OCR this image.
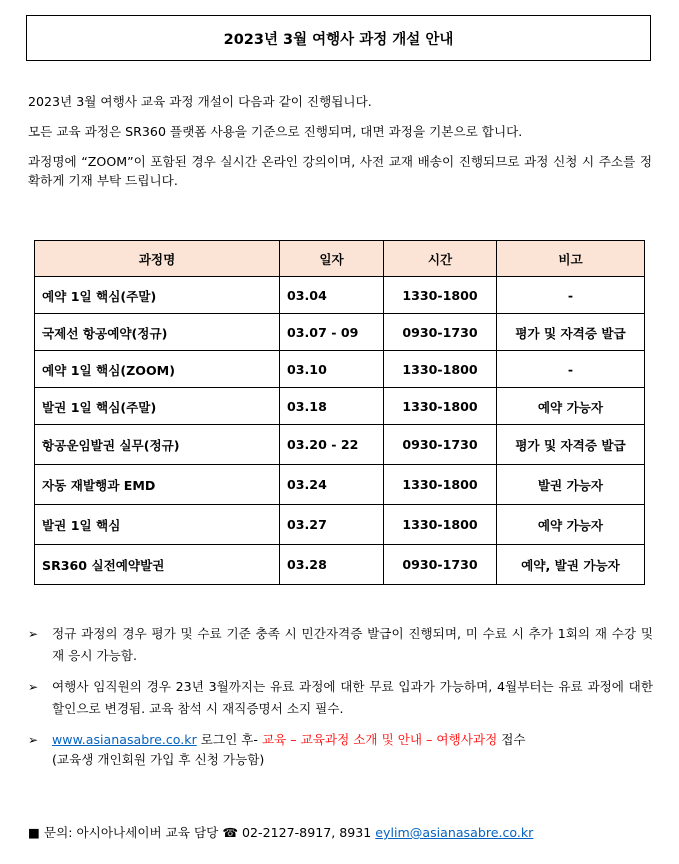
2023년 3월 여행사 과정 개설 안내

2023년 3월 여행사 교육 과정 개설이 다음과 같이 진행됩니다.

모든 교육 과정은 SR360 플랫폼 사용을 기준으로 진행되며, 대면 과정을 기본으로 합니다.

과정명에 “ZOOM”이 포함된 경우 실시간 온라인 강의이며, 사전 교재 배송이 진행되므로 과정 신청 시 주소를 정확하게 기재 부탁 드립니다.

과정명	일자	시간	비고
예약 1일 핵심(주말)	03.04	1330-1800	-
국제선 항공예약(정규)	03.07 - 09	0930-1730	평가 및 자격증 발급
예약 1일 핵심(ZOOM)	03.10	1330-1800	-
발권 1일 핵심(주말)	03.18	1330-1800	예약 가능자
항공운임발권 실무(정규)	03.20 - 22	0930-1730	평가 및 자격증 발급
자동 재발행과 EMD	03.24	1330-1800	발권 가능자
발권 1일 핵심	03.27	1330-1800	예약 가능자
SR360 실전예약발권	03.28	0930-1730	예약, 발권 가능자
➢	정규 과정의 경우 평가 및 수료 기준 충족 시 민간자격증 발급이 진행되며, 미 수료 시 추가 1회의 재 수강 및 재 응시 가능함.
➢	여행사 임직원의 경우 23년 3월까지는 유료 과정에 대한 무료 입과가 가능하며, 4월부터는 유료 과정에 대한 할인으로 변경됨. 교육 참석 시 재직증명서 소지 필수.
➢	www.asianasabre.co.kr 로그인 후- 교육 – 교육과정 소개 및 안내 – 여행사과정 접수
(교육생 개인회원 가입 후 신청 가능함)
■ 문의: 아시아나세이버 교육 담당 ☎ 02-2127-8917, 8931 eylim@asianasabre.co.kr
